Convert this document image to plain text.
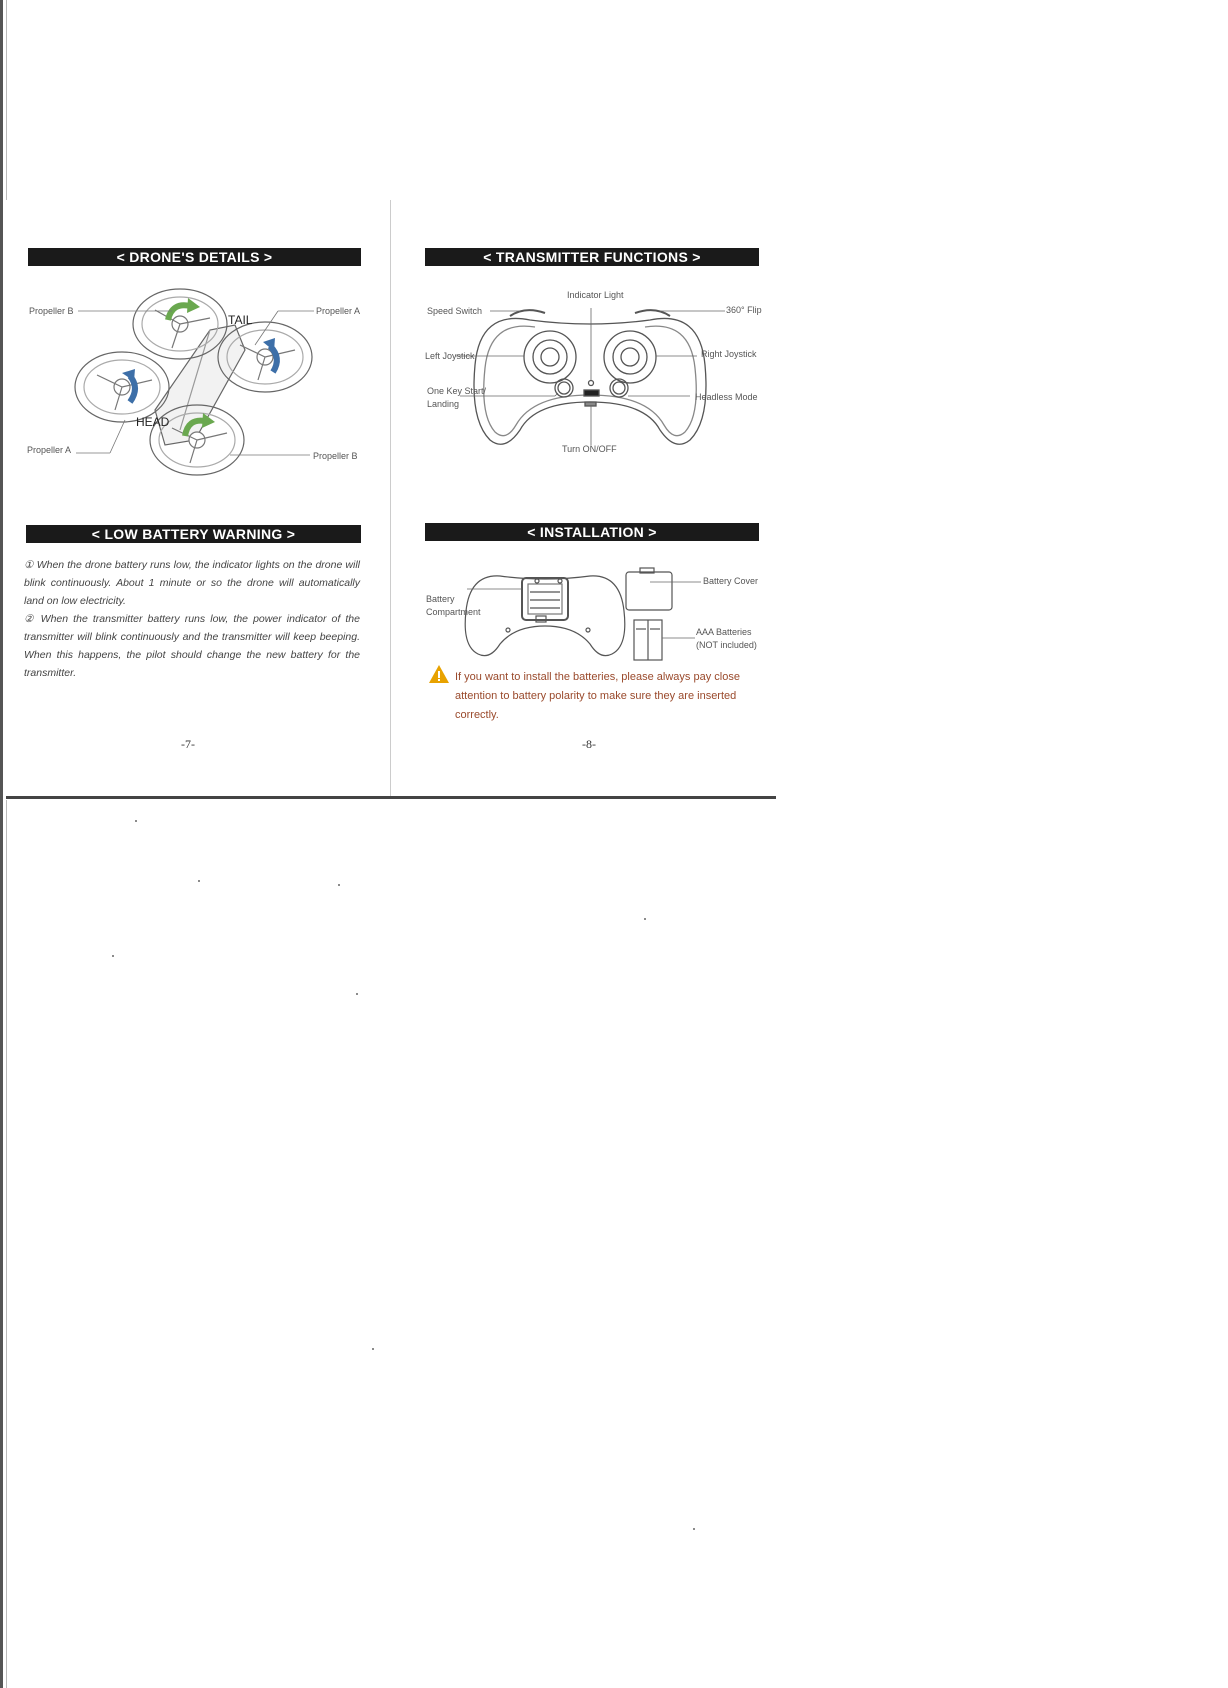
< DRONE'S DETAILS >
Propeller B	Propeller A
TAIL
HEAD
Propeller A
Propeller B
< LOW BATTERY WARNING >

① When the drone battery runs low, the indicator lights on the drone will blink continuously. About 1 minute or so the drone will automatically land on low electricity.

② When the transmitter battery runs low, the power indicator of the transmitter will blink continuously and the transmitter will keep beeping. When this happens, the pilot should change the new battery for the transmitter.

-7-
< TRANSMITTER FUNCTIONS >
Indicator Light
Speed Switch	360° Flip
Left Joystick	Right Joystick
One Key Start/
Landing
Headless Mode
Turn ON/OFF
< INSTALLATION >
Battery
Compartment
Battery Cover
AAA Batteries
(NOT included)
If you want to install the batteries, please always pay close attention to battery polarity to make sure they are inserted correctly.
-8-
